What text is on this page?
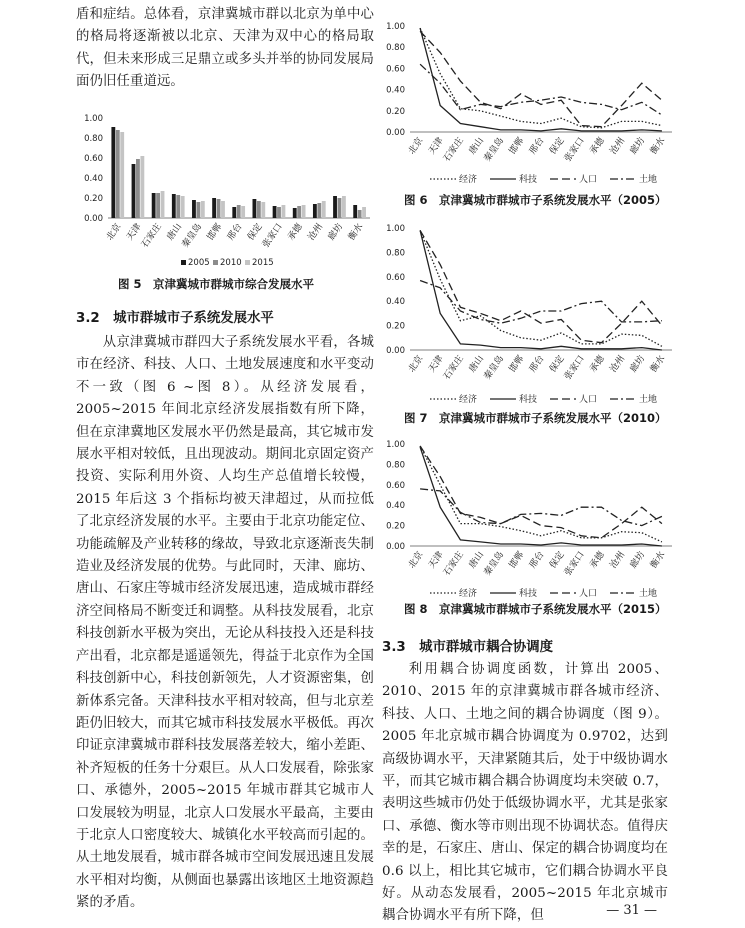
盾和症结。总体看，京津冀城市群以北京为单中心的格局将逐渐被以北京、天津为双中心的格局取代，但未来形成三足鼎立或多头并举的协同发展局面仍旧任重道远。

0.00
0.20
0.40
0.60
0.80
1.00
北京 天津
石家庄 唐山
秦皇岛 邯郸 邢台 保定
张家口 承德 沧州 廊坊 衡水
2005 2010 2015

图 5　京津冀城市群城市综合发展水平

3.2　城市群城市子系统发展水平

从京津冀城市群四大子系统发展水平看，各城市在经济、科技、人口、土地发展速度和水平变动不一致（图 6 ~图 8）。从经济发展看，2005~2015 年间北京经济发展指数有所下降，但在京津冀地区发展水平仍然是最高，其它城市发展水平相对较低，且出现波动。期间北京固定资产投资、实际利用外资、人均生产总值增长较慢，2015 年后这 3 个指标均被天津超过，从而拉低了北京经济发展的水平。主要由于北京功能定位、功能疏解及产业转移的缘故，导致北京逐渐丧失制造业及经济发展的优势。与此同时，天津、廊坊、唐山、石家庄等城市经济发展迅速，造成城市群经济空间格局不断变迁和调整。从科技发展看，北京科技创新水平极为突出，无论从科技投入还是科技产出看，北京都是遥遥领先，得益于北京作为全国科技创新中心，科技创新领先，人才资源密集，创新体系完备。天津科技水平相对较高，但与北京差距仍旧较大，而其它城市科技发展水平极低。再次印证京津冀城市群科技发展落差较大，缩小差距、补齐短板的任务十分艰巨。从人口发展看，除张家口、承德外，2005~2015 年城市群其它城市人口发展较为明显，北京人口发展水平最高，主要由于北京人口密度较大、城镇化水平较高而引起的。从土地发展看，城市群各城市空间发展迅速且发展水平相对均衡，从侧面也暴露出该地区土地资源趋紧的矛盾。

0.00
0.20
0.40
0.60
0.80
1.00
北京 天津
石家庄 唐山
秦皇岛 邯郸 邢台 保定
张家口 承德 沧州 廊坊 衡水
经济	科技	人口	土地

图 6　京津冀城市群城市子系统发展水平（2005）

0.00
0.20
0.40
0.60
0.80
1.00
北京 天津
石家庄 唐山
秦皇岛 邯郸 邢台 保定
张家口 承德 沧州 廊坊 衡水
经济	科技	人口	土地

图 7　京津冀城市群城市子系统发展水平（2010）

0.00
0.20
0.40
0.60
0.80
1.00
北京 天津
石家庄 唐山
秦皇岛 邯郸 邢台 保定
张家口 承德 沧州 廊坊 衡水
经济	科技	人口	土地

图 8　京津冀城市群城市子系统发展水平（2015）

3.3　城市群城市耦合协调度

利用耦合协调度函数，计算出 2005、2010、2015 年的京津冀城市群各城市经济、科技、人口、土地之间的耦合协调度（图 9）。2005 年北京城市耦合协调度为 0.9702，达到高级协调水平，天津紧随其后，处于中级协调水平，而其它城市耦合耦合协调度均未突破 0.7，表明这些城市仍处于低级协调水平，尤其是张家口、承德、衡水等市则出现不协调状态。值得庆幸的是，石家庄、唐山、保定的耦合协调度均在 0.6 以上，相比其它城市，它们耦合协调水平良好。从动态发展看，2005~2015 年北京城市耦合协调水平有所下降，但	— 31 —
